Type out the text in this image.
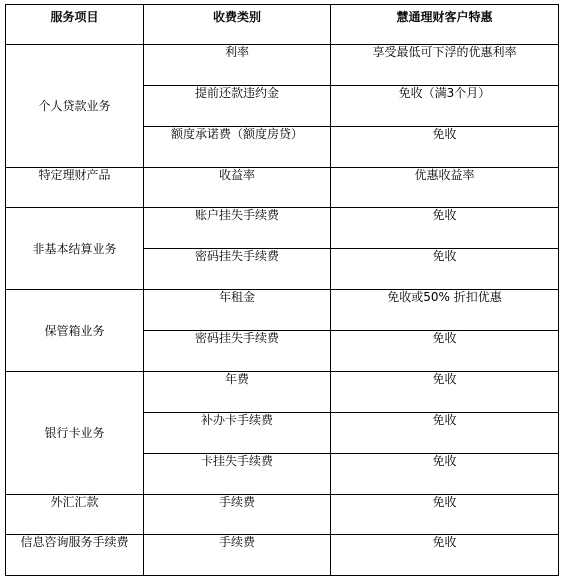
服务项目	收费类别	慧通理财客户特惠
个人贷款业务	利率	享受最低可下浮的优惠利率
	提前还款违约金	免收（满3个月）
	额度承诺费（额度房贷）	免收
特定理财产品	收益率	优惠收益率
非基本结算业务	账户挂失手续费	免收
	密码挂失手续费	免收
保管箱业务	年租金	免收或50% 折扣优惠
	密码挂失手续费	免收
银行卡业务	年费	免收
	补办卡手续费	免收
	卡挂失手续费	免收
外汇汇款	手续费	免收
信息咨询服务手续费	手续费	免收
